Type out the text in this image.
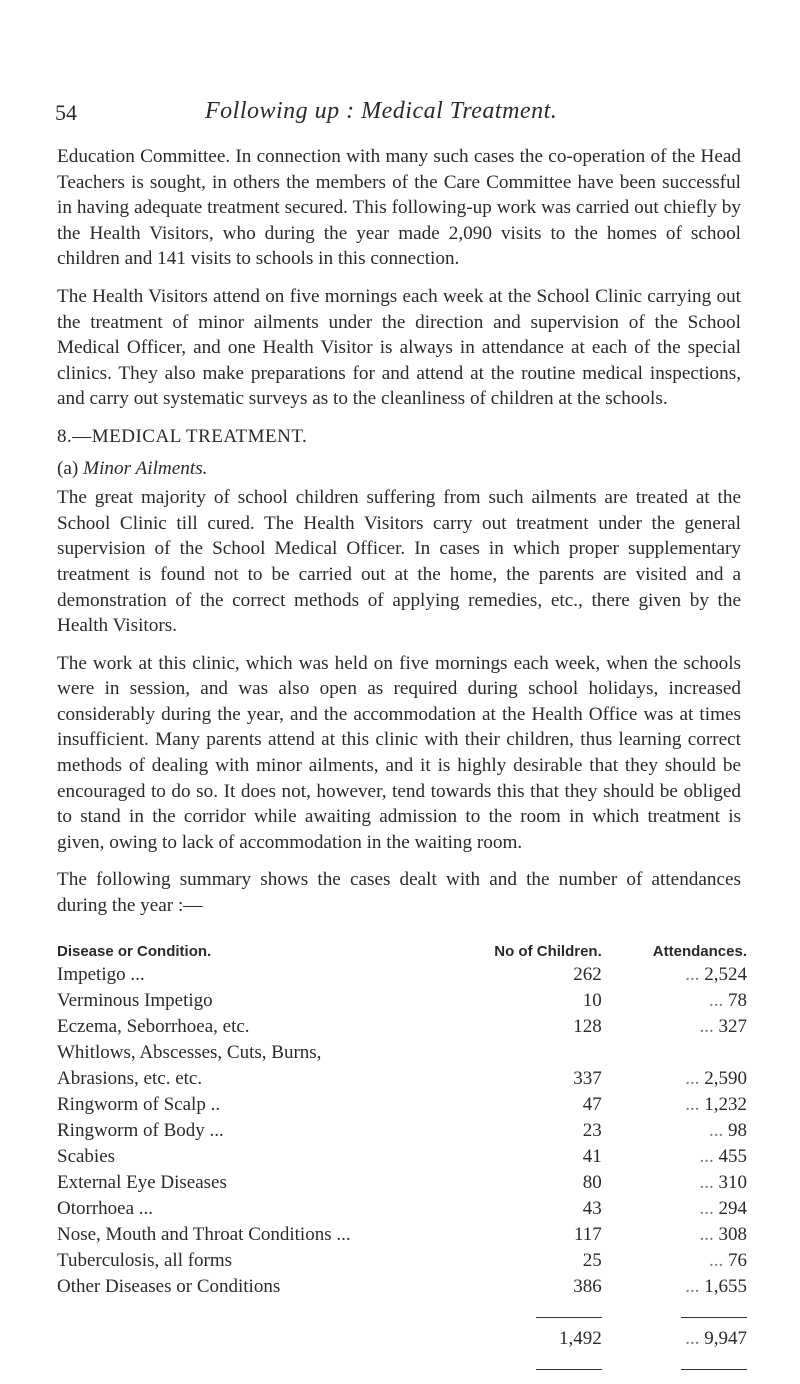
54	Following up : Medical Treatment.

Education Committee. In connection with many such cases the co-operation of the Head Teachers is sought, in others the members of the Care Committee have been successful in having adequate treatment secured. This following-up work was carried out chiefly by the Health Visitors, who during the year made 2,090 visits to the homes of school children and 141 visits to schools in this connection.

The Health Visitors attend on five mornings each week at the School Clinic carrying out the treatment of minor ailments under the direction and supervision of the School Medical Officer, and one Health Visitor is always in attendance at each of the special clinics. They also make preparations for and attend at the routine medical inspections, and carry out systematic surveys as to the cleanliness of children at the schools.

8.—MEDICAL TREATMENT.
(a) Minor Ailments.

The great majority of school children suffering from such ailments are treated at the School Clinic till cured. The Health Visitors carry out treatment under the general supervision of the School Medical Officer. In cases in which proper supplementary treatment is found not to be carried out at the home, the parents are visited and a demonstration of the correct methods of applying remedies, etc., there given by the Health Visitors.

The work at this clinic, which was held on five mornings each week, when the schools were in session, and was also open as required during school holidays, increased considerably during the year, and the accommodation at the Health Office was at times insufficient. Many parents attend at this clinic with their children, thus learning correct methods of dealing with minor ailments, and it is highly desirable that they should be encouraged to do so. It does not, however, tend towards this that they should be obliged to stand in the corridor while awaiting admission to the room in which treatment is given, owing to lack of accommodation in the waiting room.

The following summary shows the cases dealt with and the number of attendances during the year :—

Disease or Condition.	No of Children.	Attendances.
Impetigo ...	262	... 2,524
Verminous Impetigo	10	... 78
Eczema, Seborrhoea, etc.	128	... 327
Whitlows, Abscesses, Cuts, Burns,		
Abrasions, etc. etc.	337	... 2,590
Ringworm of Scalp ..	47	... 1,232
Ringworm of Body ...	23	... 98
Scabies	41	... 455
External Eye Diseases	80	... 310
Otorrhoea ...	43	... 294
Nose, Mouth and Throat Conditions ...	117	... 308
Tuberculosis, all forms	25	... 76
Other Diseases or Conditions	386	... 1,655

	1,492	... 9,947
